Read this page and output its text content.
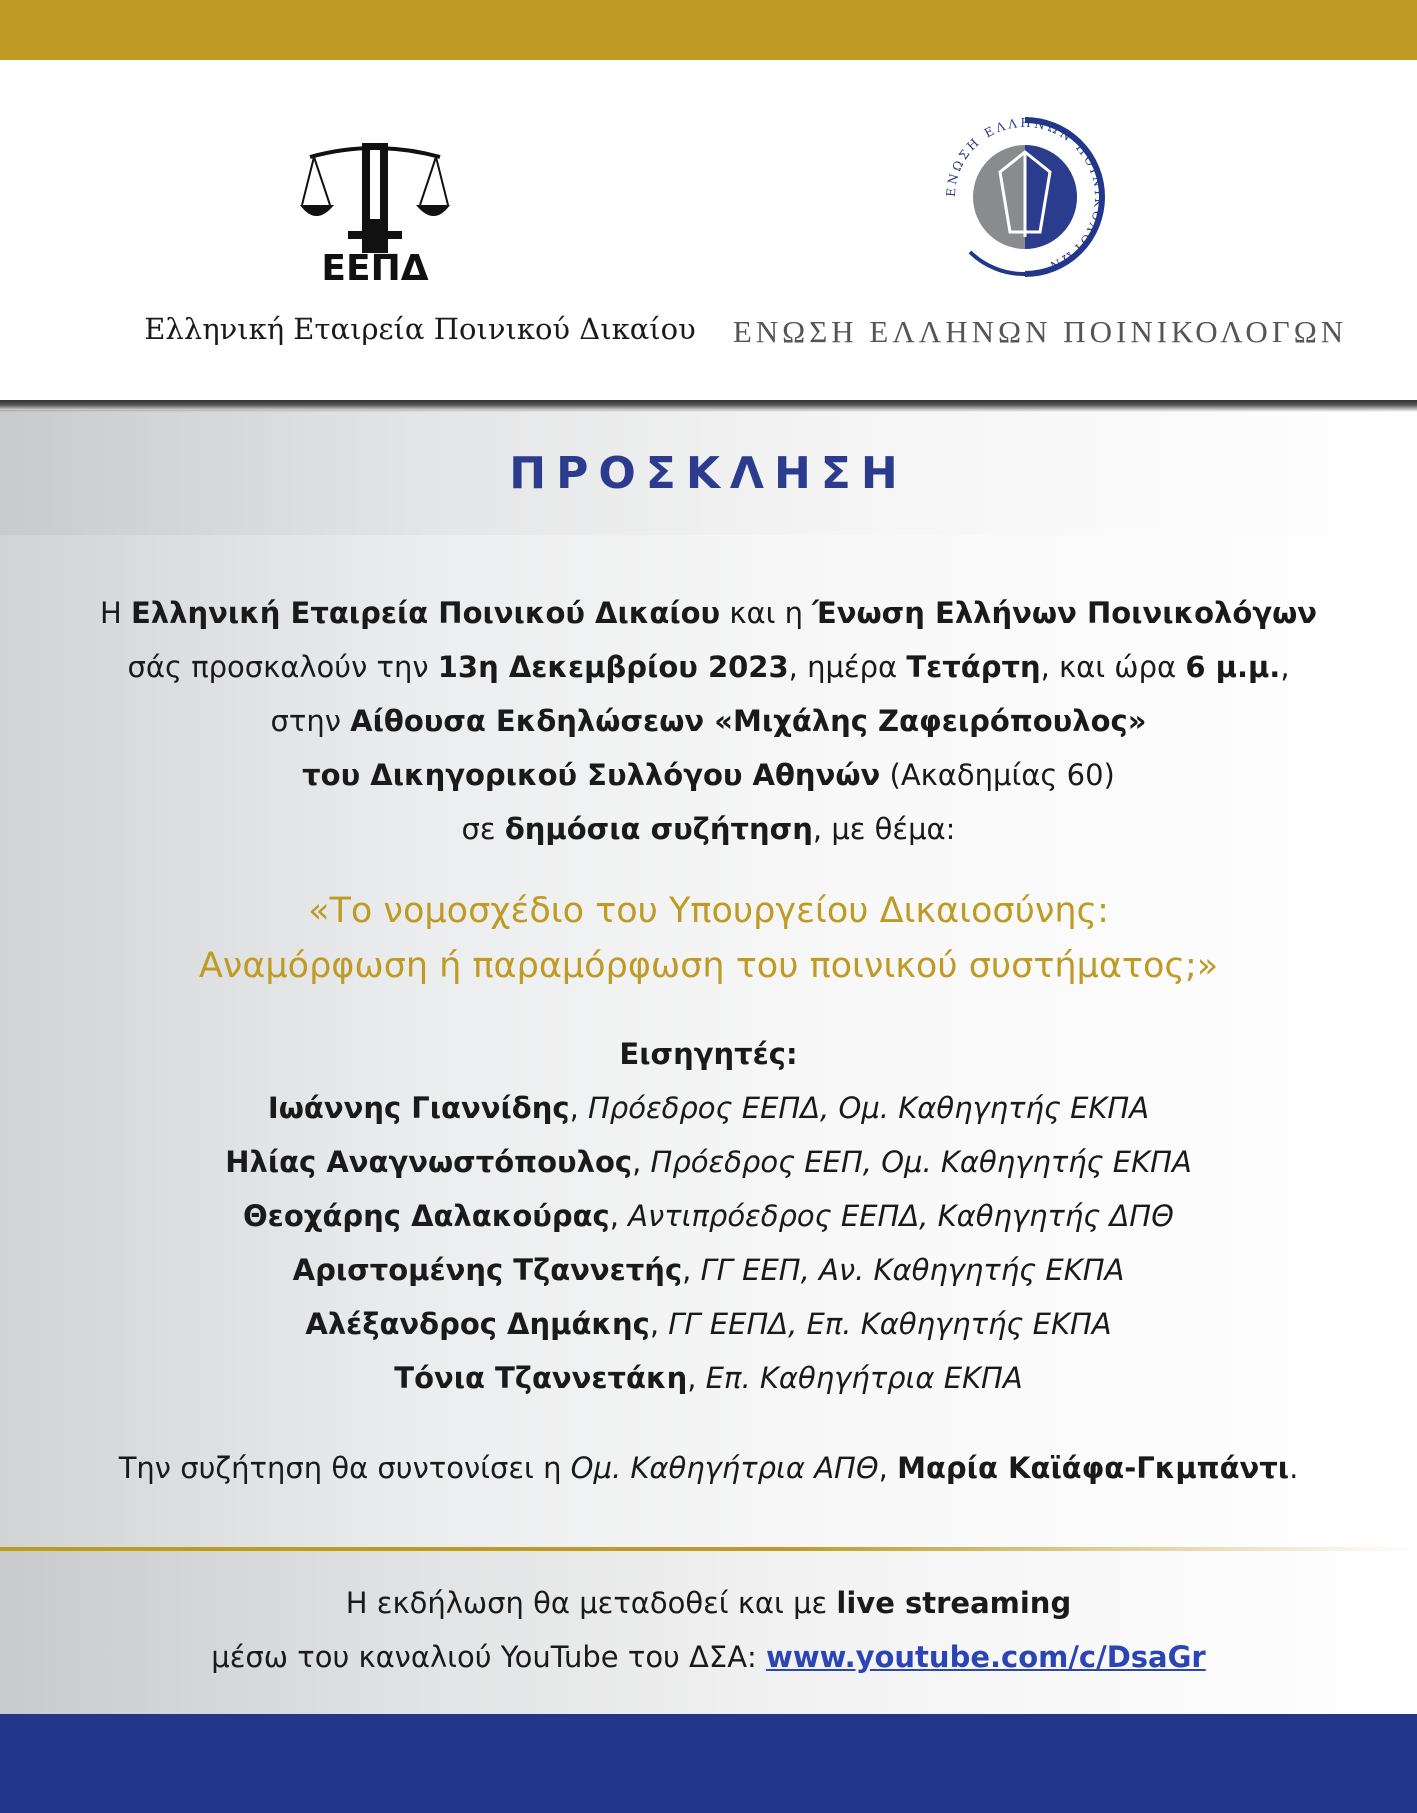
ΕΕΠΔ
Ελληνική Εταιρεία Ποινικού Δικαίου
ΕΝΩΣΗ ΕΛΛΗΝΩΝ ΠΟΙΝΙΚΟΛΟΓΩΝ
ΕΝΩΣΗ ΕΛΛΗΝΩΝ ΠΟΙΝΙΚΟΛΟΓΩΝ
ΠΡΟΣΚΛΗΣΗ
Η Ελληνική Εταιρεία Ποινικού Δικαίου και η Ένωση Ελλήνων Ποινικολόγων
σάς προσκαλούν την 13η Δεκεμβρίου 2023, ημέρα Τετάρτη, και ώρα 6 μ.μ.,
στην Αίθουσα Εκδηλώσεων «Μιχάλης Ζαφειρόπουλος»
του Δικηγορικού Συλλόγου Αθηνών (Ακαδημίας 60)
σε δημόσια συζήτηση, με θέμα:
«Το νομοσχέδιο του Υπουργείου Δικαιοσύνης:
Αναμόρφωση ή παραμόρφωση του ποινικού συστήματος;»
Εισηγητές:
Ιωάννης Γιαννίδης, Πρόεδρος ΕΕΠΔ, Ομ. Καθηγητής ΕΚΠΑ
Ηλίας Αναγνωστόπουλος, Πρόεδρος ΕΕΠ, Ομ. Καθηγητής ΕΚΠΑ
Θεοχάρης Δαλακούρας, Αντιπρόεδρος ΕΕΠΔ, Καθηγητής ΔΠΘ
Αριστομένης Τζαννετής, ΓΓ ΕΕΠ, Αν. Καθηγητής ΕΚΠΑ
Αλέξανδρος Δημάκης, ΓΓ ΕΕΠΔ, Επ. Καθηγητής ΕΚΠΑ
Τόνια Τζαννετάκη, Επ. Καθηγήτρια ΕΚΠΑ
Την συζήτηση θα συντονίσει η Ομ. Καθηγήτρια ΑΠΘ, Μαρία Καϊάφα-Γκμπάντι.
Η εκδήλωση θα μεταδοθεί και με live streaming
μέσω του καναλιού YouTube του ΔΣΑ: www.youtube.com/c/DsaGr
